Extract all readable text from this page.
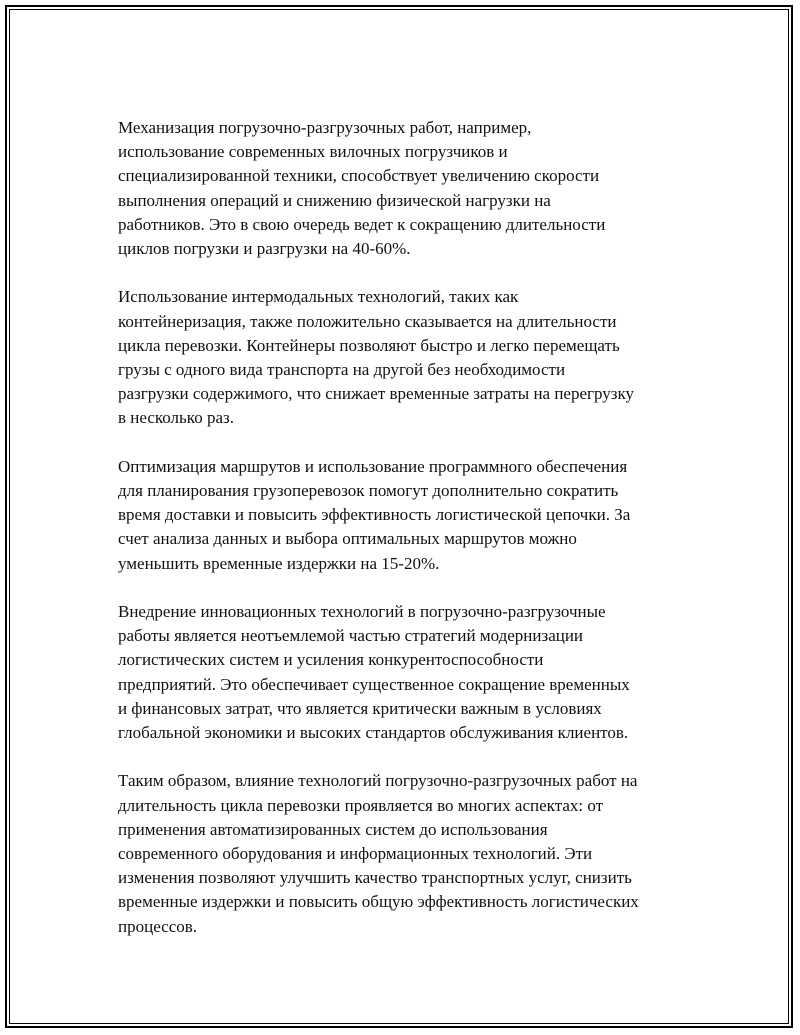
Механизация погрузочно-разгрузочных работ, например,
использование современных вилочных погрузчиков и
специализированной техники, способствует увеличению скорости
выполнения операций и снижению физической нагрузки на
работников. Это в свою очередь ведет к сокращению длительности
циклов погрузки и разгрузки на 40-60%.

Использование интермодальных технологий, таких как
контейнеризация, также положительно сказывается на длительности
цикла перевозки. Контейнеры позволяют быстро и легко перемещать
грузы с одного вида транспорта на другой без необходимости
разгрузки содержимого, что снижает временные затраты на перегрузку
в несколько раз.

Оптимизация маршрутов и использование программного обеспечения
для планирования грузоперевозок помогут дополнительно сократить
время доставки и повысить эффективность логистической цепочки. За
счет анализа данных и выбора оптимальных маршрутов можно
уменьшить временные издержки на 15-20%.

Внедрение инновационных технологий в погрузочно-разгрузочные
работы является неотъемлемой частью стратегий модернизации
логистических систем и усиления конкурентоспособности
предприятий. Это обеспечивает существенное сокращение временных
и финансовых затрат, что является критически важным в условиях
глобальной экономики и высоких стандартов обслуживания клиентов.

Таким образом, влияние технологий погрузочно-разгрузочных работ на
длительность цикла перевозки проявляется во многих аспектах: от
применения автоматизированных систем до использования
современного оборудования и информационных технологий. Эти
изменения позволяют улучшить качество транспортных услуг, снизить
временные издержки и повысить общую эффективность логистических
процессов.
